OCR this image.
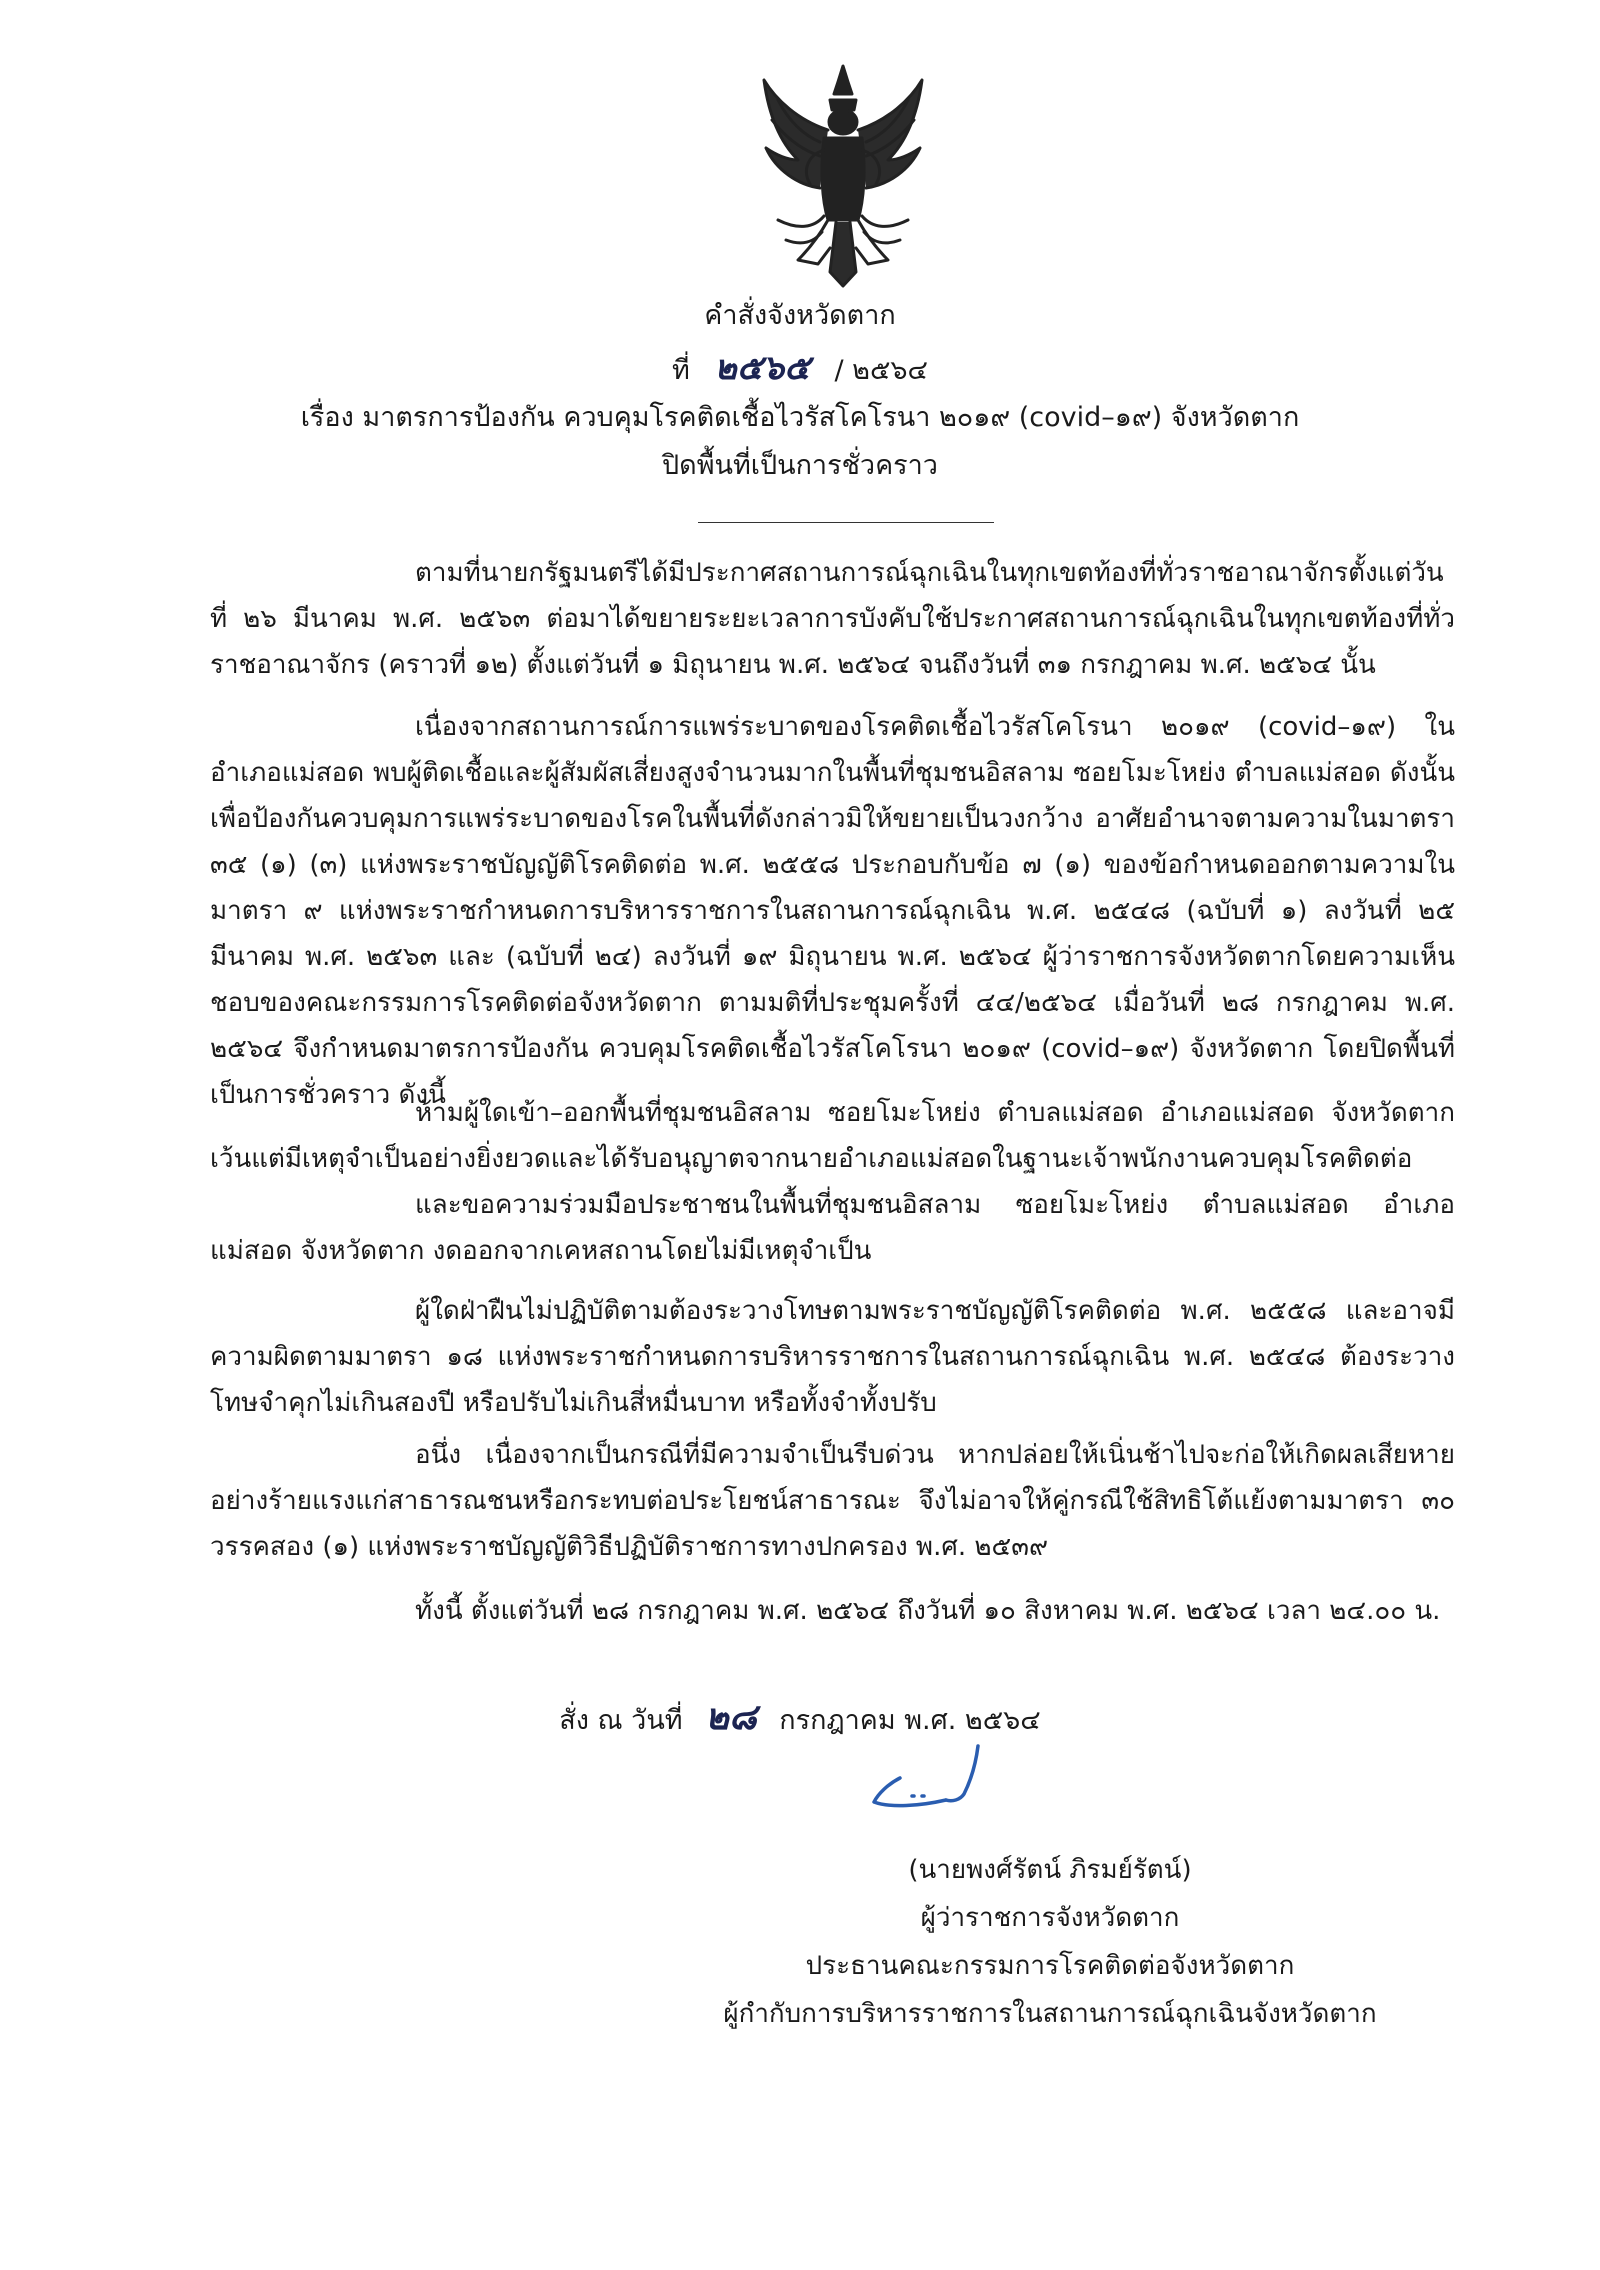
คำสั่งจังหวัดตาก
ที่ ๒๕๖๕ / ๒๕๖๔
เรื่อง มาตรการป้องกัน ควบคุมโรคติดเชื้อไวรัสโคโรนา ๒๐๑๙ (covid–๑๙) จังหวัดตาก
ปิดพื้นที่เป็นการชั่วคราว
ตามที่นายกรัฐมนตรีได้มีประกาศสถานการณ์ฉุกเฉินในทุกเขตท้องที่ทั่วราชอาณาจักรตั้งแต่วันที่ ๒๖ มีนาคม พ.ศ. ๒๕๖๓ ต่อมาได้ขยายระยะเวลาการบังคับใช้ประกาศสถานการณ์ฉุกเฉินในทุกเขตท้องที่ทั่วราชอาณาจักร (คราวที่ ๑๒) ตั้งแต่วันที่ ๑ มิถุนายน พ.ศ. ๒๕๖๔ จนถึงวันที่ ๓๑ กรกฎาคม พ.ศ. ๒๕๖๔ นั้น
เนื่องจากสถานการณ์การแพร่ระบาดของโรคติดเชื้อไวรัสโคโรนา ๒๐๑๙ (covid–๑๙) ในอำเภอแม่สอด พบผู้ติดเชื้อและผู้สัมผัสเสี่ยงสูงจำนวนมากในพื้นที่ชุมชนอิสลาม ซอยโมะโหย่ง ตำบลแม่สอด ดังนั้นเพื่อป้องกันควบคุมการแพร่ระบาดของโรคในพื้นที่ดังกล่าวมิให้ขยายเป็นวงกว้าง อาศัยอำนาจตามความในมาตรา ๓๕ (๑) (๓) แห่งพระราชบัญญัติโรคติดต่อ พ.ศ. ๒๕๕๘ ประกอบกับข้อ ๗ (๑) ของข้อกำหนดออกตามความในมาตรา ๙ แห่งพระราชกำหนดการบริหารราชการในสถานการณ์ฉุกเฉิน พ.ศ. ๒๕๔๘ (ฉบับที่ ๑) ลงวันที่ ๒๕ มีนาคม พ.ศ. ๒๕๖๓ และ (ฉบับที่ ๒๔) ลงวันที่ ๑๙ มิถุนายน พ.ศ. ๒๕๖๔ ผู้ว่าราชการจังหวัดตากโดยความเห็นชอบของคณะกรรมการโรคติดต่อจังหวัดตาก ตามมติที่ประชุมครั้งที่ ๔๔/๒๕๖๔ เมื่อวันที่ ๒๘ กรกฎาคม พ.ศ. ๒๕๖๔ จึงกำหนดมาตรการป้องกัน ควบคุมโรคติดเชื้อไวรัสโคโรนา ๒๐๑๙ (covid–๑๙) จังหวัดตาก โดยปิดพื้นที่เป็นการชั่วคราว ดังนี้
ห้ามผู้ใดเข้า–ออกพื้นที่ชุมชนอิสลาม ซอยโมะโหย่ง ตำบลแม่สอด อำเภอแม่สอด จังหวัดตาก เว้นแต่มีเหตุจำเป็นอย่างยิ่งยวดและได้รับอนุญาตจากนายอำเภอแม่สอดในฐานะเจ้าพนักงานควบคุมโรคติดต่อ
และขอความร่วมมือประชาชนในพื้นที่ชุมชนอิสลาม ซอยโมะโหย่ง ตำบลแม่สอด อำเภอแม่สอด จังหวัดตาก งดออกจากเคหสถานโดยไม่มีเหตุจำเป็น
ผู้ใดฝ่าฝืนไม่ปฏิบัติตามต้องระวางโทษตามพระราชบัญญัติโรคติดต่อ พ.ศ. ๒๕๕๘ และอาจมีความผิดตามมาตรา ๑๘ แห่งพระราชกำหนดการบริหารราชการในสถานการณ์ฉุกเฉิน พ.ศ. ๒๕๔๘ ต้องระวางโทษจำคุกไม่เกินสองปี หรือปรับไม่เกินสี่หมื่นบาท หรือทั้งจำทั้งปรับ
อนึ่ง เนื่องจากเป็นกรณีที่มีความจำเป็นรีบด่วน หากปล่อยให้เนิ่นช้าไปจะก่อให้เกิดผลเสียหายอย่างร้ายแรงแก่สาธารณชนหรือกระทบต่อประโยชน์สาธารณะ จึงไม่อาจให้คู่กรณีใช้สิทธิโต้แย้งตามมาตรา ๓๐ วรรคสอง (๑) แห่งพระราชบัญญัติวิธีปฏิบัติราชการทางปกครอง พ.ศ. ๒๕๓๙
ทั้งนี้ ตั้งแต่วันที่ ๒๘ กรกฎาคม พ.ศ. ๒๕๖๔ ถึงวันที่ ๑๐ สิงหาคม พ.ศ. ๒๕๖๔ เวลา ๒๔.๐๐ น.
สั่ง ณ วันที่ ๒๘ กรกฎาคม พ.ศ. ๒๕๖๔
(นายพงศ์รัตน์ ภิรมย์รัตน์)
ผู้ว่าราชการจังหวัดตาก
ประธานคณะกรรมการโรคติดต่อจังหวัดตาก
ผู้กำกับการบริหารราชการในสถานการณ์ฉุกเฉินจังหวัดตาก
